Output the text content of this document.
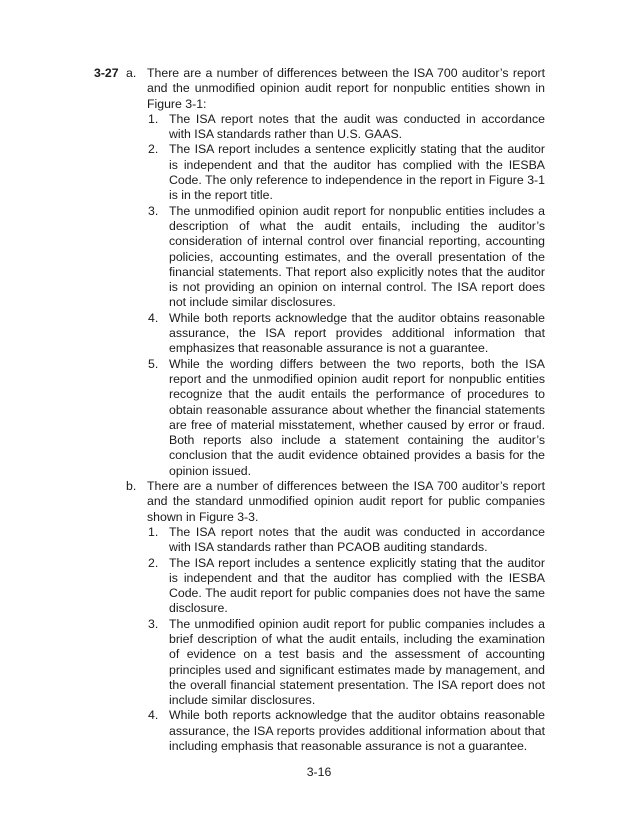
3-27 a. There are a number of differences between the ISA 700 auditor’s report and the unmodified opinion audit report for nonpublic entities shown in Figure 3-1:

1. The ISA report notes that the audit was conducted in accordance with ISA standards rather than U.S. GAAS.

2. The ISA report includes a sentence explicitly stating that the auditor is independent and that the auditor has complied with the IESBA Code. The only reference to independence in the report in Figure 3-1 is in the report title.

3. The unmodified opinion audit report for nonpublic entities includes a description of what the audit entails, including the auditor’s consideration of internal control over financial reporting, accounting policies, accounting estimates, and the overall presentation of the financial statements. That report also explicitly notes that the auditor is not providing an opinion on internal control. The ISA report does not include similar disclosures.

4. While both reports acknowledge that the auditor obtains reasonable assurance, the ISA report provides additional information that emphasizes that reasonable assurance is not a guarantee.

5. While the wording differs between the two reports, both the ISA report and the unmodified opinion audit report for nonpublic entities recognize that the audit entails the performance of procedures to obtain reasonable assurance about whether the financial statements are free of material misstatement, whether caused by error or fraud. Both reports also include a statement containing the auditor’s conclusion that the audit evidence obtained provides a basis for the opinion issued.

b. There are a number of differences between the ISA 700 auditor’s report and the standard unmodified opinion audit report for public companies shown in Figure 3-3.

1. The ISA report notes that the audit was conducted in accordance with ISA standards rather than PCAOB auditing standards.

2. The ISA report includes a sentence explicitly stating that the auditor is independent and that the auditor has complied with the IESBA Code. The audit report for public companies does not have the same disclosure.

3. The unmodified opinion audit report for public companies includes a brief description of what the audit entails, including the examination of evidence on a test basis and the assessment of accounting principles used and significant estimates made by management, and the overall financial statement presentation. The ISA report does not include similar disclosures.

4. While both reports acknowledge that the auditor obtains reasonable assurance, the ISA reports provides additional information about that including emphasis that reasonable assurance is not a guarantee.

3-16
